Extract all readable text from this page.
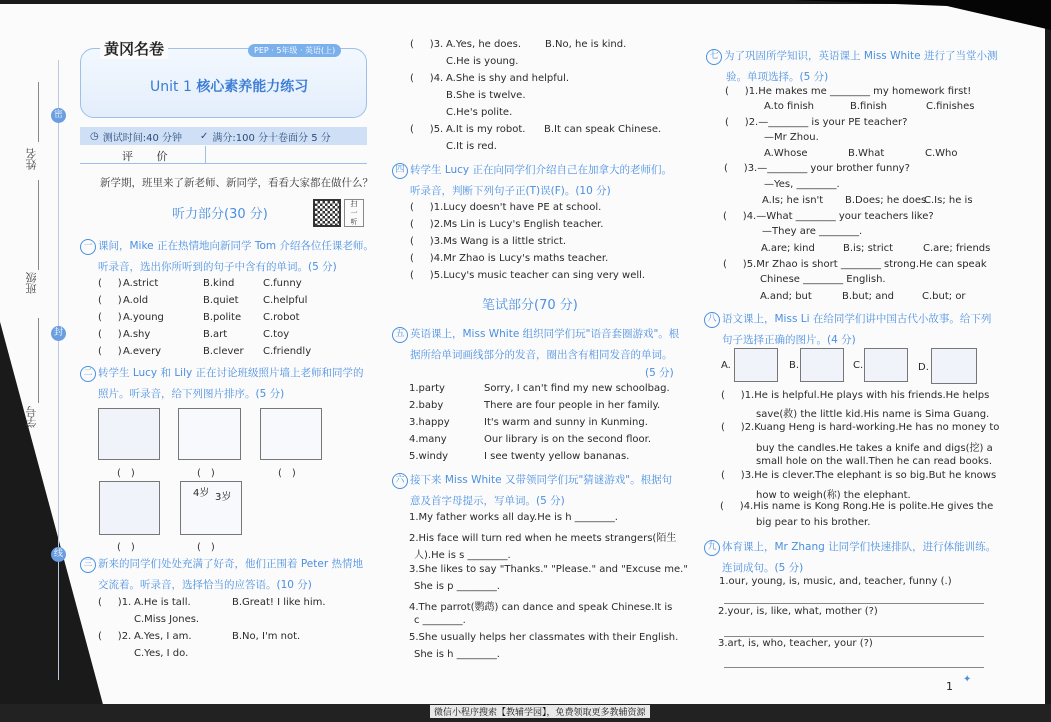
密
封
线
姓名
班级
学号
黄冈名卷	PEP · 5年级 · 英语(上)
Unit 1 核心素养能力练习
◷ 测试时间:40 分钟 ✓ 满分:100 分十卷面分 5 分
评 价
新学期，班里来了新老师、新同学，看看大家都在做什么？
听力部分(30 分)
扫
一
听
一 课间，Mike 正在热情地向新同学 Tom 介绍各位任课老师。
听录音，选出你所听到的句子中含有的单词。(5 分)
(     ) A.strict	B.kind	C.funny
(     ) A.old	B.quiet C.helpful
(     ) A.young	B.polite C.robot
(     ) A.shy	B.art	C.toy
(     ) A.every	B.clever C.friendly
二 转学生 Lucy 和 Lily 正在讨论班级照片墙上老师和同学的
照片。听录音，给下列图片排序。(5 分)
4岁 3岁
(　)	(　)	(　)
(　)	(　)
三 新来的同学们处处充满了好奇，他们正围着 Peter 热情地
交流着。听录音，选择恰当的应答语。(10 分)
(     )1. A.He is tall.	B.Great! I like him.
C.Miss Jones.
(     )2. A.Yes, I am.	B.No, I'm not.
C.Yes, I do.
(     )3. A.Yes, he does. B.No, he is kind.
C.He is young.
(     )4. A.She is shy and helpful.
B.She is twelve.
C.He's polite.
(     )5. A.It is my robot. B.It can speak Chinese.
C.It is red.
四 转学生 Lucy 正在向同学们介绍自己在加拿大的老师们。
听录音，判断下列句子正(T)误(F)。(10 分)
(     )1.Lucy doesn't have PE at school.
(     )2.Ms Lin is Lucy's English teacher.
(     )3.Ms Wang is a little strict.
(     )4.Mr Zhao is Lucy's maths teacher.
(     )5.Lucy's music teacher can sing very well.
笔试部分(70 分)
五 英语课上，Miss White 组织同学们玩"语音套圈游戏"。根
据所给单词画线部分的发音，圈出含有相同发音的单词。
(5 分)
1.party	Sorry, I can't find my new schoolbag.
2.baby	There are four people in her family.
3.happy	It's warm and sunny in Kunming.
4.many	Our library is on the second floor.
5.windy	I see twenty yellow bananas.
六 接下来 Miss White 又带领同学们玩"猜谜游戏"。根据句
意及首字母提示，写单词。(5 分)
1.My father works all day.He is h ________.
2.His face will turn red when he meets strangers(陌生
人).He is s ________.
3.She likes to say "Thanks." "Please." and "Excuse me."
She is p ________.
4.The parrot(鹦鹉) can dance and speak Chinese.It is
c ________.
5.She usually helps her classmates with their English.
She is h ________.
七 为了巩固所学知识，英语课上 Miss White 进行了当堂小测
验。单项选择。(5 分)
(     )1.He makes me ________ my homework first!
A.to finish	B.finish	C.finishes
(     )2.—________ is your PE teacher?
—Mr Zhou.
A.Whose	B.What	C.Who
(     )3.—________ your brother funny?
—Yes, ________.
A.Is; he isn't B.Does; he does
C.Is; he is
(     )4.—What ________ your teachers like?
—They are ________.
A.are; kind	B.is; strict	C.are; friends
(     )5.Mr Zhao is short ________ strong.He can speak
Chinese ________ English.
A.and; but	B.but; and	C.but; or
八 语文课上，Miss Li 在给同学们讲中国古代小故事。给下列
句子选择正确的图片。(4 分)
A.	B.	C.	D.
(     )1.He is helpful.He plays with his friends.He helps
save(救) the little kid.His name is Sima Guang.
(     )2.Kuang Heng is hard-working.He has no money to
buy the candles.He takes a knife and digs(挖) a
small hole on the wall.Then he can read books.
(     )3.He is clever.The elephant is so big.But he knows
how to weigh(称) the elephant.
(     )4.His name is Kong Rong.He is polite.He gives the
big pear to his brother.
九 体育课上，Mr Zhang 让同学们快速排队，进行体能训练。
连词成句。(5 分)
1.our, young, is, music, and, teacher, funny (.)
2.your, is, like, what, mother (?)
3.art, is, who, teacher, your (?)
1
✦
微信小程序搜索【教辅学园】，免费领取更多教辅资源
